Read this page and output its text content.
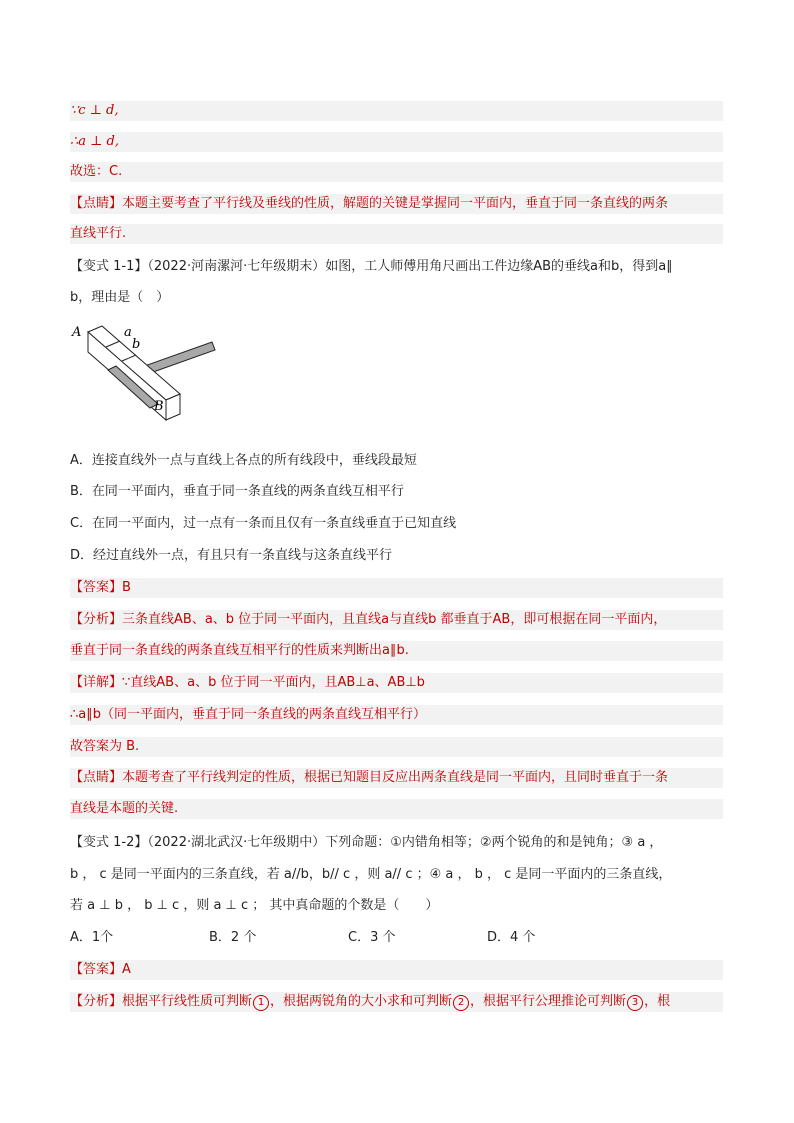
∵c ⊥ d,
∴a ⊥ d,
故选：C.
【点睛】本题主要考查了平行线及垂线的性质，解题的关键是掌握同一平面内，垂直于同一条直线的两条
直线平行.
【变式 1-1】（2022·河南漯河·七年级期末）如图，工人师傅用角尺画出工件边缘AB的垂线a和b，得到a∥
b，理由是（　）
A	a
b
B
A．连接直线外一点与直线上各点的所有线段中，垂线段最短
B．在同一平面内，垂直于同一条直线的两条直线互相平行
C．在同一平面内，过一点有一条而且仅有一条直线垂直于已知直线
D．经过直线外一点，有且只有一条直线与这条直线平行
【答案】B
【分析】三条直线AB、a、b 位于同一平面内，且直线a与直线b 都垂直于AB，即可根据在同一平面内，
垂直于同一条直线的两条直线互相平行的性质来判断出a∥b.
【详解】∵直线AB、a、b 位于同一平面内，且AB⊥a、AB⊥b
∴a∥b（同一平面内，垂直于同一条直线的两条直线互相平行）
故答案为 B.
【点睛】本题考查了平行线判定的性质，根据已知题目反应出两条直线是同一平面内，且同时垂直于一条
直线是本题的关键.
【变式 1-2】（2022·湖北武汉·七年级期中）下列命题：①内错角相等；②两个锐角的和是钝角；③ a ，
b ， c 是同一平面内的三条直线，若 a//b，b// c ，则 a// c ；④ a ， b ， c 是同一平面内的三条直线，
若 a ⊥ b ， b ⊥ c ，则 a ⊥ c ； 其中真命题的个数是（　　）
A．1个	B．2 个	C．3 个	D．4 个
【答案】A
【分析】根据平行线性质可判断 1 ，根据两锐角的大小求和可判断 2 ，根据平行公理推论可判断 3 ，根
